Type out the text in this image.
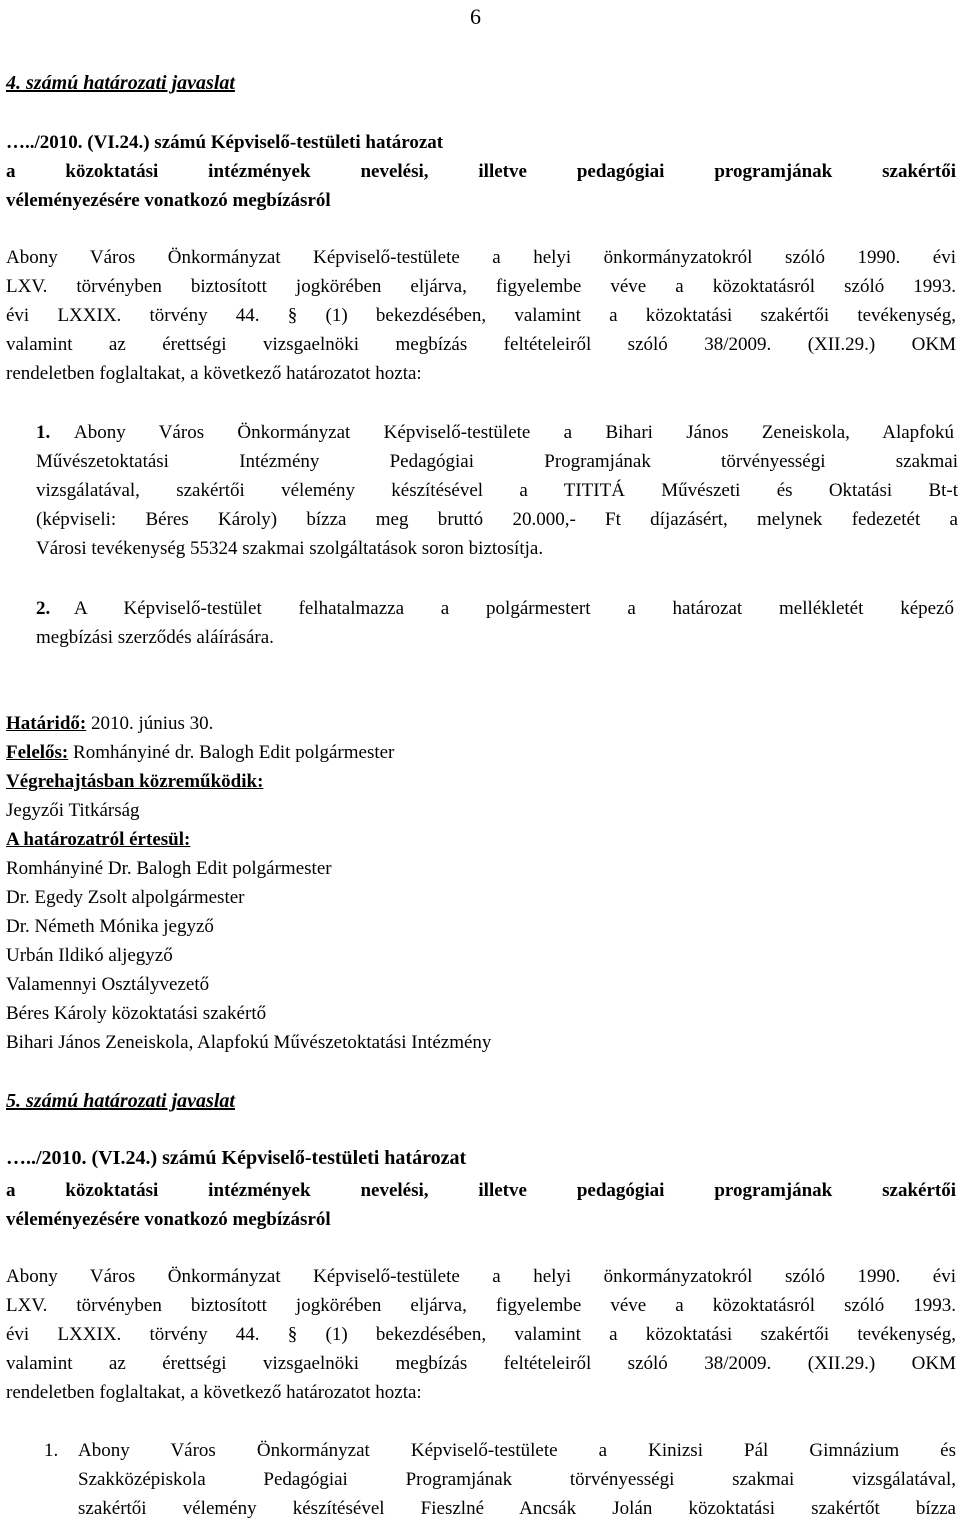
6
4. számú határozati javaslat
…../2010. (VI.24.) számú Képviselő-testületi határozat
a közoktatási intézmények nevelési, illetve pedagógiai programjának szakértői
véleményezésére vonatkozó megbízásról
Abony Város Önkormányzat Képviselő-testülete a helyi önkormányzatokról szóló 1990. évi
LXV. törvényben biztosított jogkörében eljárva, figyelembe véve a közoktatásról szóló 1993.
évi LXXIX. törvény 44. § (1) bekezdésében, valamint a közoktatási szakértői tevékenység,
valamint az érettségi vizsgaelnöki megbízás feltételeiről szóló 38/2009. (XII.29.) OKM
rendeletben foglaltakat, a következő határozatot hozta:
1. Abony Város Önkormányzat Képviselő-testülete a Bihari János Zeneiskola, Alapfokú
Művészetoktatási Intézmény Pedagógiai Programjának törvényességi szakmai
vizsgálatával, szakértői vélemény készítésével a TITITÁ Művészeti és Oktatási Bt-t
(képviseli: Béres Károly) bízza meg bruttó 20.000,- Ft díjazásért, melynek fedezetét a
Városi tevékenység 55324 szakmai szolgáltatások soron biztosítja.
2. A Képviselő-testület felhatalmazza a polgármestert a határozat mellékletét képező
megbízási szerződés aláírására.
Határidő: 2010. június 30.
Felelős: Romhányiné dr. Balogh Edit polgármester
Végrehajtásban közreműködik:
Jegyzői Titkárság
A határozatról értesül:
Romhányiné Dr. Balogh Edit polgármester
Dr. Egedy Zsolt alpolgármester
Dr. Németh Mónika jegyző
Urbán Ildikó aljegyző
Valamennyi Osztályvezető
Béres Károly közoktatási szakértő
Bihari János Zeneiskola, Alapfokú Művészetoktatási Intézmény
5. számú határozati javaslat
…../2010. (VI.24.) számú Képviselő-testületi határozat
a közoktatási intézmények nevelési, illetve pedagógiai programjának szakértői
véleményezésére vonatkozó megbízásról
Abony Város Önkormányzat Képviselő-testülete a helyi önkormányzatokról szóló 1990. évi
LXV. törvényben biztosított jogkörében eljárva, figyelembe véve a közoktatásról szóló 1993.
évi LXXIX. törvény 44. § (1) bekezdésében, valamint a közoktatási szakértői tevékenység,
valamint az érettségi vizsgaelnöki megbízás feltételeiről szóló 38/2009. (XII.29.) OKM
rendeletben foglaltakat, a következő határozatot hozta:
1. Abony Város Önkormányzat Képviselő-testülete a Kinizsi Pál Gimnázium és
Szakközépiskola Pedagógiai Programjának törvényességi szakmai vizsgálatával,
szakértői vélemény készítésével Fieszlné Ancsák Jolán közoktatási szakértőt bízza
